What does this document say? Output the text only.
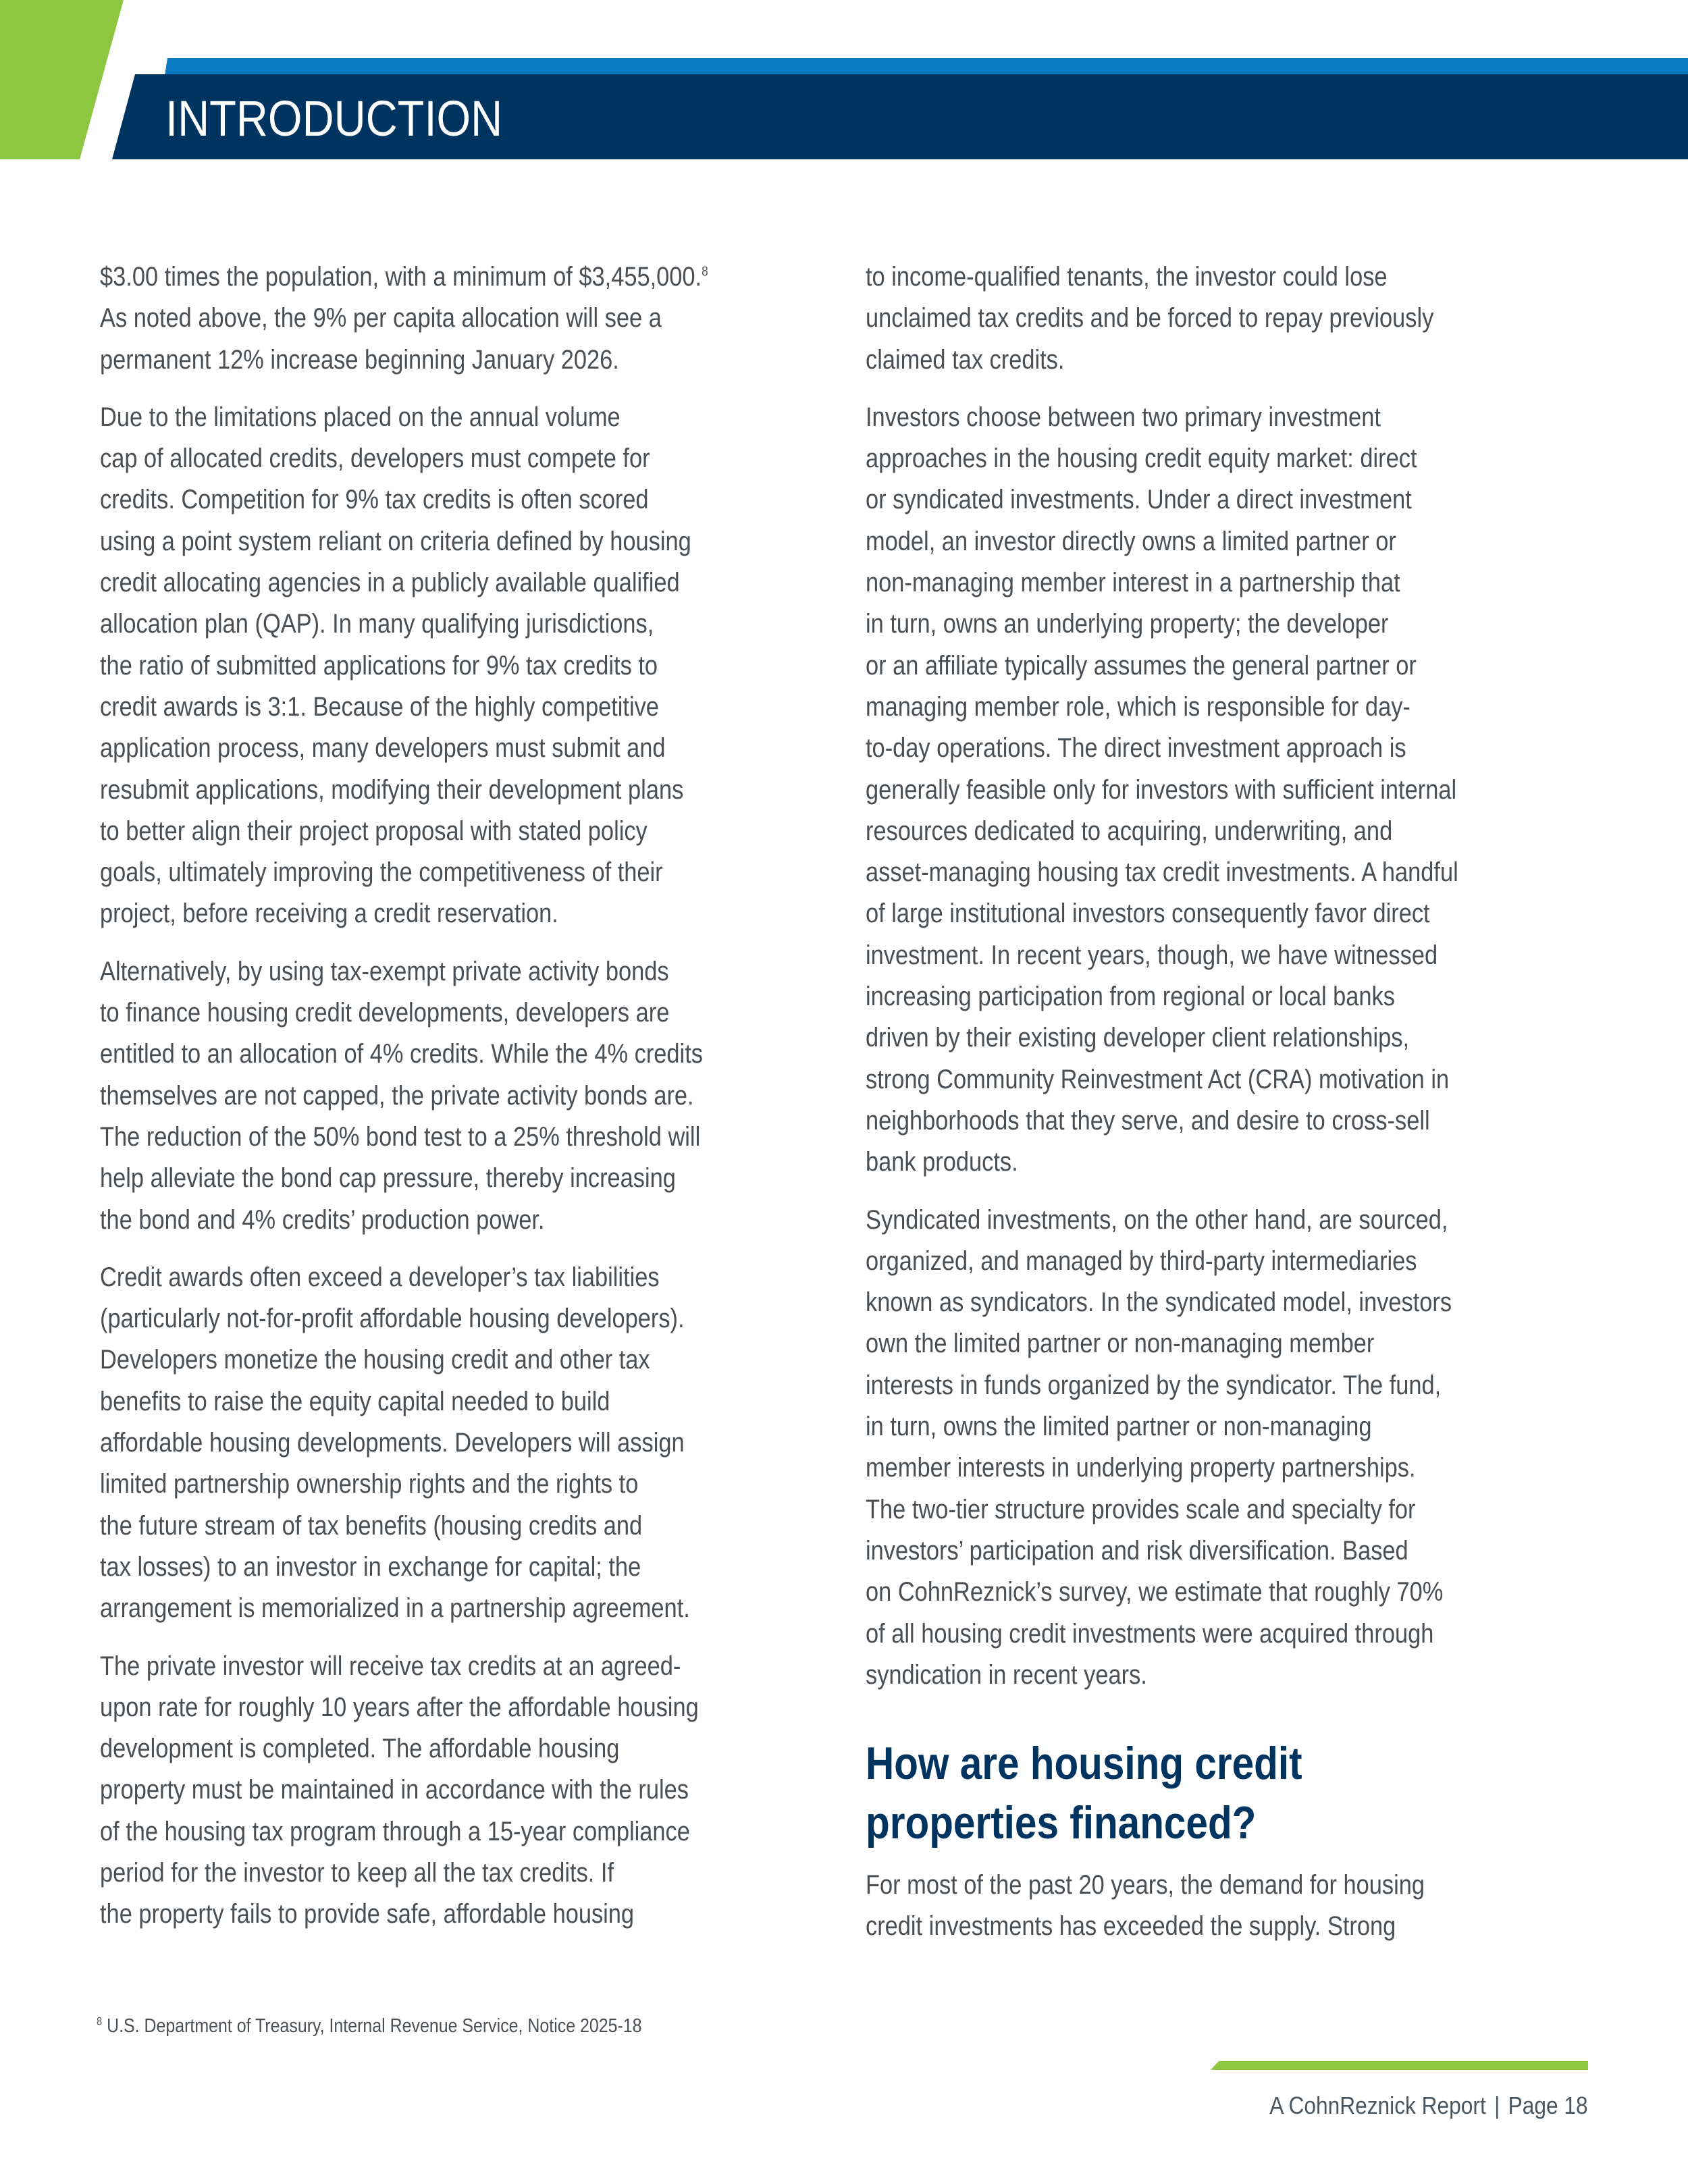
INTRODUCTION

$3.00 times the population, with a minimum of $3,455,000.$^8$
As noted above, the 9% per capita allocation will see a
permanent 12% increase beginning January 2026.

Due to the limitations placed on the annual volume
cap of allocated credits, developers must compete for
credits. Competition for 9% tax credits is often scored
using a point system reliant on criteria defined by housing
credit allocating agencies in a publicly available qualified
allocation plan (QAP). In many qualifying jurisdictions,
the ratio of submitted applications for 9% tax credits to
credit awards is 3:1. Because of the highly competitive
application process, many developers must submit and
resubmit applications, modifying their development plans
to better align their project proposal with stated policy
goals, ultimately improving the competitiveness of their
project, before receiving a credit reservation.

Alternatively, by using tax-exempt private activity bonds
to finance housing credit developments, developers are
entitled to an allocation of 4% credits. While the 4% credits
themselves are not capped, the private activity bonds are.
The reduction of the 50% bond test to a 25% threshold will
help alleviate the bond cap pressure, thereby increasing
the bond and 4% credits’ production power.

Credit awards often exceed a developer’s tax liabilities
(particularly not-for-profit affordable housing developers).
Developers monetize the housing credit and other tax
benefits to raise the equity capital needed to build
affordable housing developments. Developers will assign
limited partnership ownership rights and the rights to
the future stream of tax benefits (housing credits and
tax losses) to an investor in exchange for capital; the
arrangement is memorialized in a partnership agreement.

The private investor will receive tax credits at an agreed-
upon rate for roughly 10 years after the affordable housing
development is completed. The affordable housing
property must be maintained in accordance with the rules
of the housing tax program through a 15-year compliance
period for the investor to keep all the tax credits. If
the property fails to provide safe, affordable housing

to income-qualified tenants, the investor could lose
unclaimed tax credits and be forced to repay previously
claimed tax credits.

Investors choose between two primary investment
approaches in the housing credit equity market: direct
or syndicated investments. Under a direct investment
model, an investor directly owns a limited partner or
non-managing member interest in a partnership that
in turn, owns an underlying property; the developer
or an affiliate typically assumes the general partner or
managing member role, which is responsible for day-
to-day operations. The direct investment approach is
generally feasible only for investors with sufficient internal
resources dedicated to acquiring, underwriting, and
asset-managing housing tax credit investments. A handful
of large institutional investors consequently favor direct
investment. In recent years, though, we have witnessed
increasing participation from regional or local banks
driven by their existing developer client relationships,
strong Community Reinvestment Act (CRA) motivation in
neighborhoods that they serve, and desire to cross-sell
bank products.

Syndicated investments, on the other hand, are sourced,
organized, and managed by third-party intermediaries
known as syndicators. In the syndicated model, investors
own the limited partner or non-managing member
interests in funds organized by the syndicator. The fund,
in turn, owns the limited partner or non-managing
member interests in underlying property partnerships.
The two-tier structure provides scale and specialty for
investors’ participation and risk diversification. Based
on CohnReznick’s survey, we estimate that roughly 70%
of all housing credit investments were acquired through
syndication in recent years.

How are housing credit
properties financed?

For most of the past 20 years, the demand for housing
credit investments has exceeded the supply. Strong

$^8$ U.S. Department of Treasury, Internal Revenue Service, Notice 2025-18
A CohnReznick Report | Page 18
